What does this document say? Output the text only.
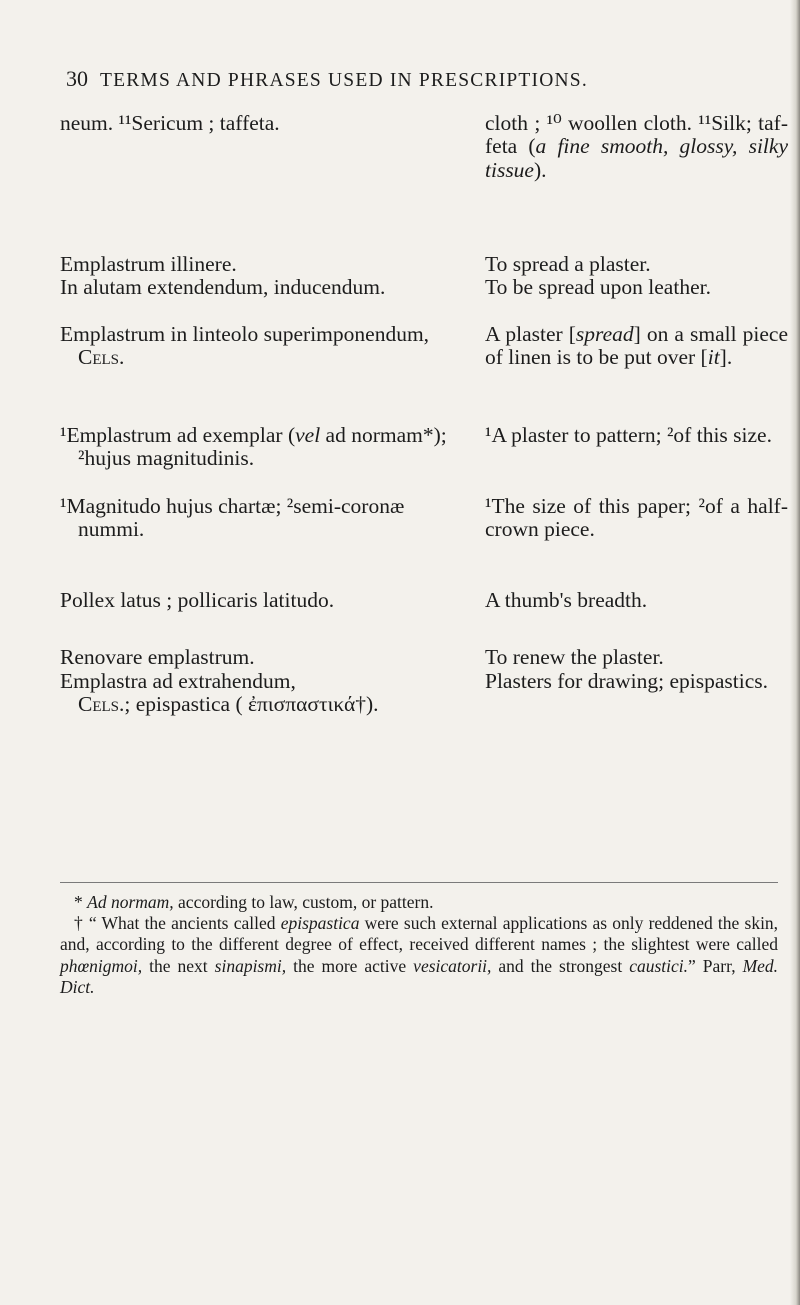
30 TERMS AND PHRASES USED IN PRESCRIPTIONS.
neum. ¹¹Sericum ; taffeta.
Emplastrum illinere.
In alutam extendendum, inducendum.
Emplastrum in linteolo superimponendum, Cels.
¹Emplastrum ad exemplar (vel ad normam*); ²hujus magnitudinis.
¹Magnitudo hujus chartæ; ²semi-coronæ nummi.
Pollex latus ; pollicaris latitudo.
Renovare emplastrum.
Emplastra ad extrahendum,
Cels.; epispastica ( ἐπισπαστικά†).
cloth ; ¹⁰ woollen cloth. ¹¹Silk; taffeta (a fine smooth, glossy, silky tissue).
To spread a plaster.
To be spread upon leather.
A plaster [spread] on a small piece of linen is to be put over [it].
¹A plaster to pattern; ²of this size.
¹The size of this paper; ²of a half-crown piece.
A thumb's breadth.
To renew the plaster.
Plasters for drawing; epispastics.

* Ad normam, according to law, custom, or pattern.

† “ What the ancients called epispastica were such external applications as only reddened the skin, and, according to the different degree of effect, received different names ; the slightest were called phœnigmoi, the next sinapismi, the more active vesicatorii, and the strongest caustici.” Parr, Med. Dict.
